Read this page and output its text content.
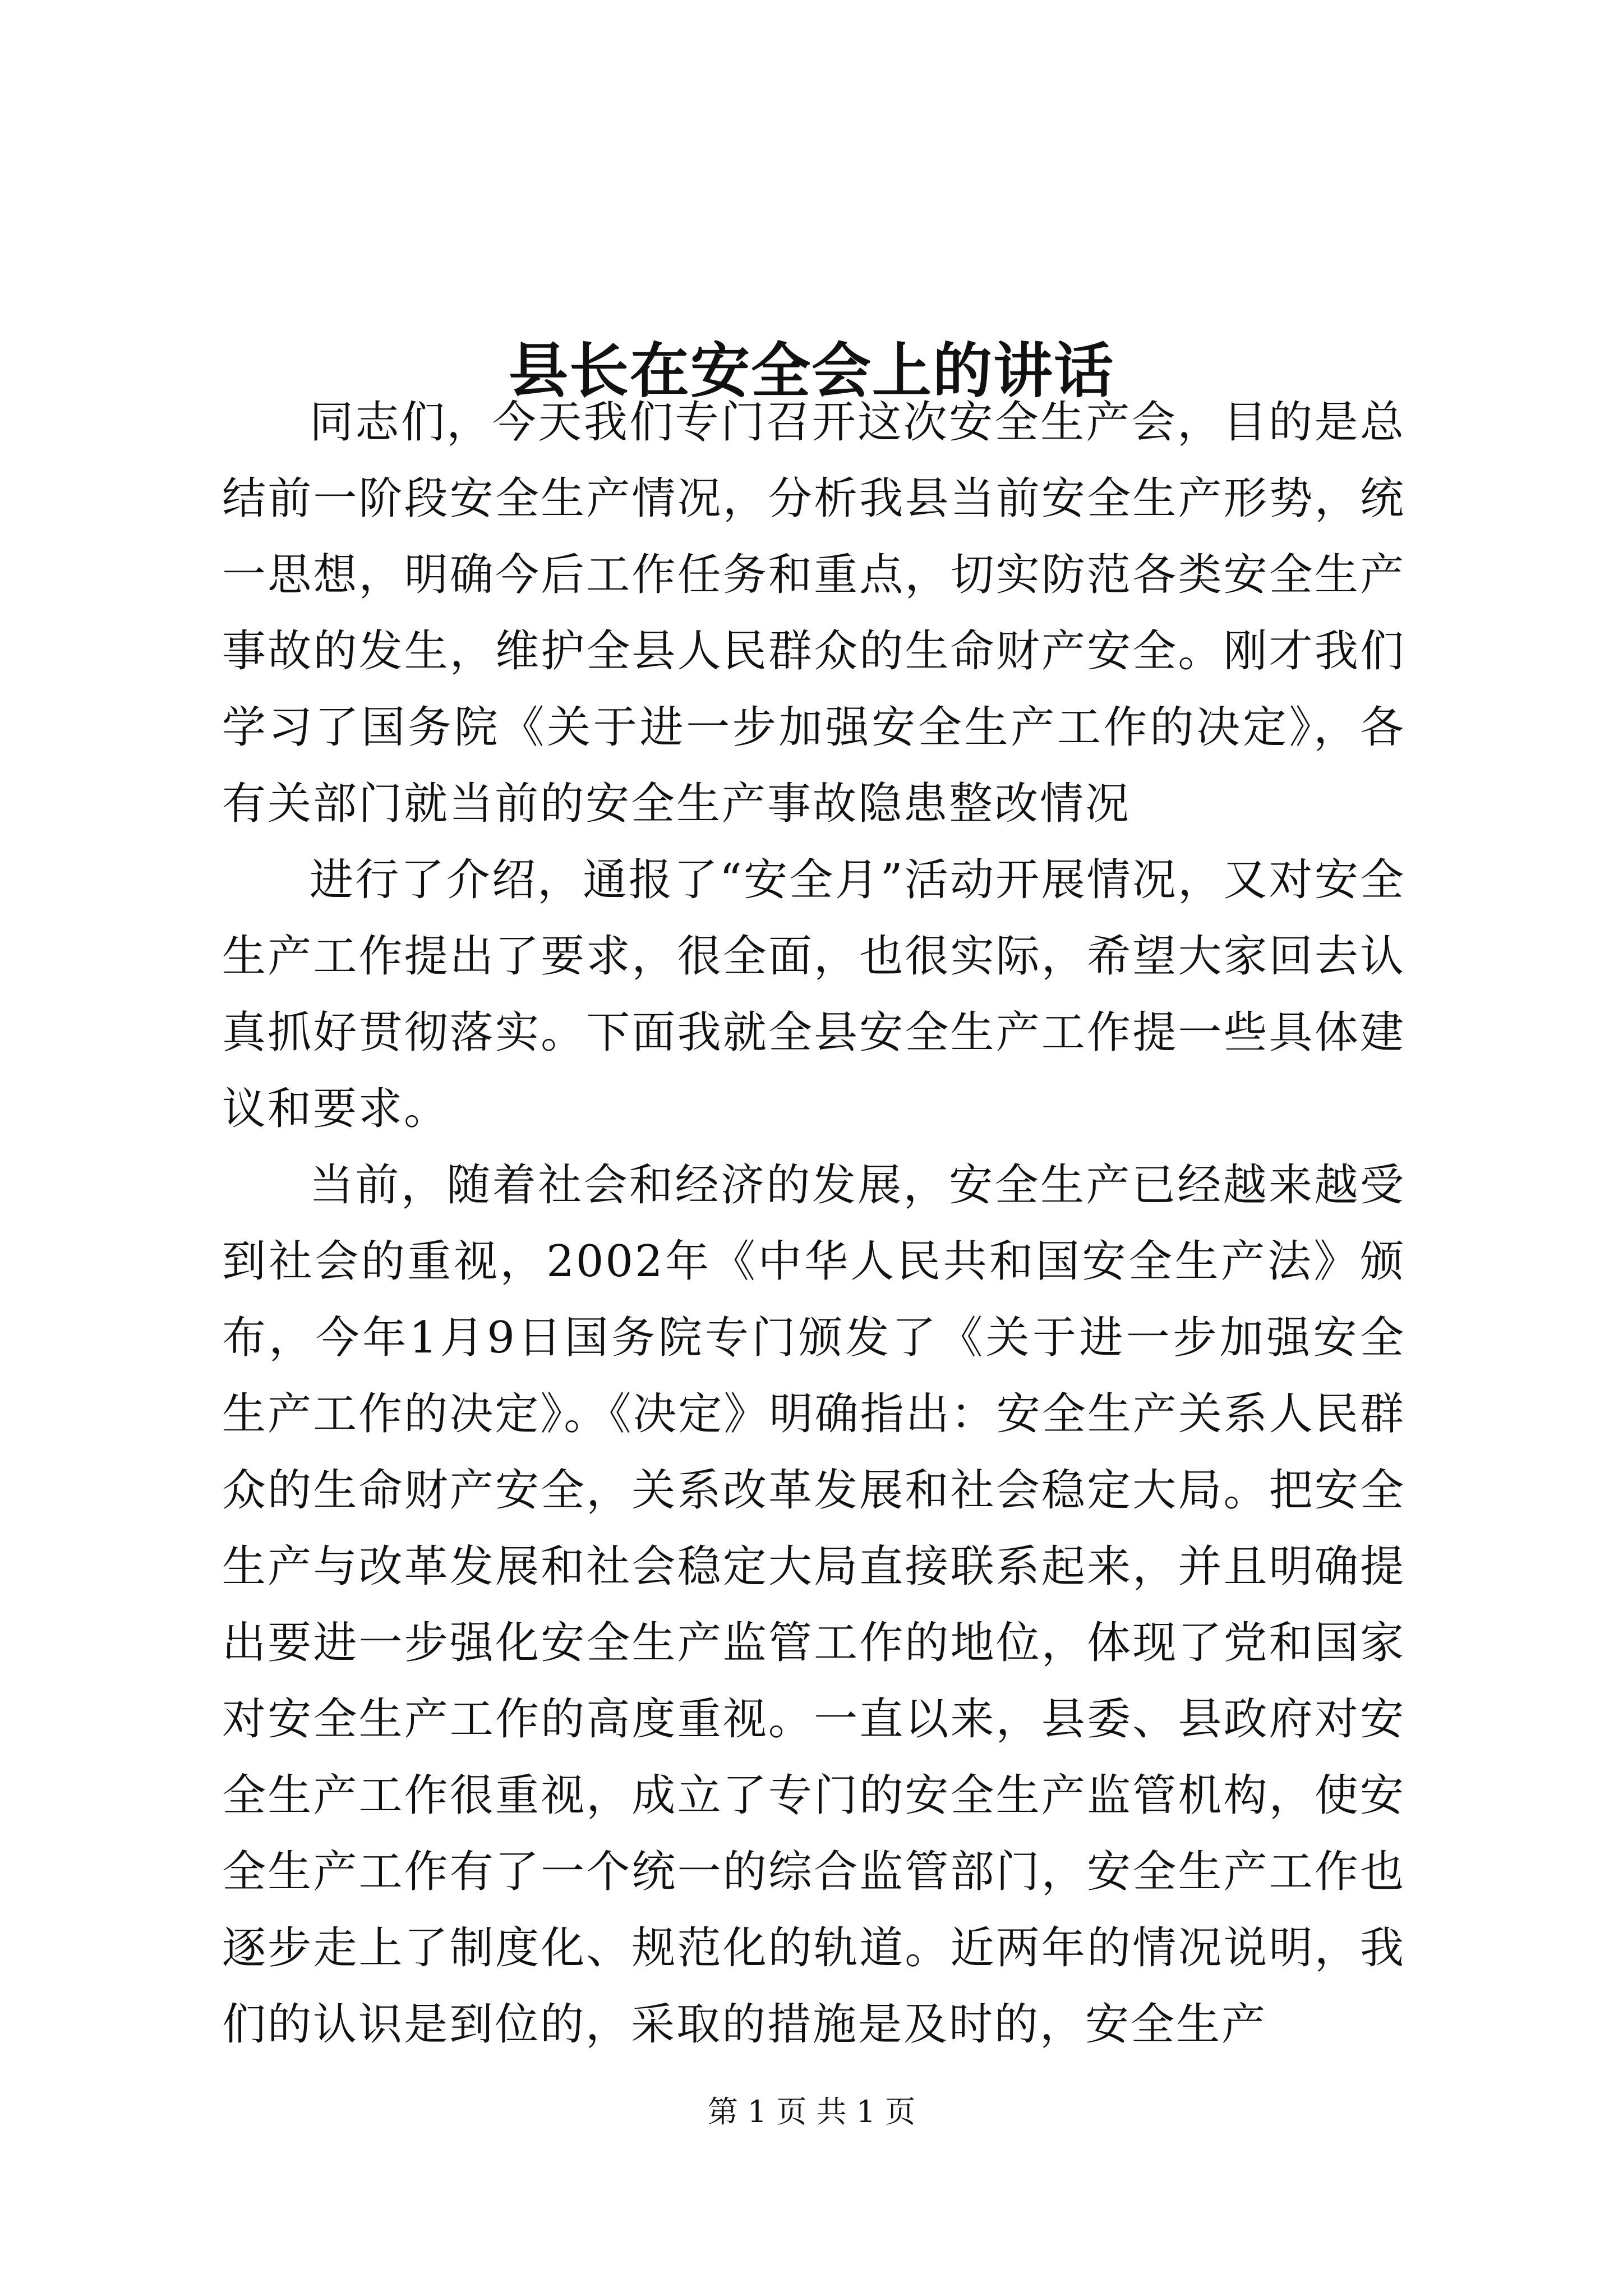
县长在安全会上的讲话

同志们，今天我们专门召开这次安全生产会，目的是总结前一阶段安全生产情况，分析我县当前安全生产形势，统一思想，明确今后工作任务和重点，切实防范各类安全生产事故的发生，维护全县人民群众的生命财产安全。刚才我们学习了国务院《关于进一步加强安全生产工作的决定》，各有关部门就当前的安全生产事故隐患整改情况

进行了介绍，通报了“安全月”活动开展情况，又对安全生产工作提出了要求，很全面，也很实际，希望大家回去认真抓好贯彻落实。下面我就全县安全生产工作提一些具体建议和要求。

当前，随着社会和经济的发展，安全生产已经越来越受到社会的重视，2002年《中华人民共和国安全生产法》颁布，今年1月9日国务院专门颁发了《关于进一步加强安全生产工作的决定》。《决定》明确指出：安全生产关系人民群众的生命财产安全，关系改革发展和社会稳定大局。把安全生产与改革发展和社会稳定大局直接联系起来，并且明确提出要进一步强化安全生产监管工作的地位，体现了党和国家对安全生产工作的高度重视。一直以来，县委、县政府对安全生产工作很重视，成立了专门的安全生产监管机构，使安全生产工作有了一个统一的综合监管部门，安全生产工作也逐步走上了制度化、规范化的轨道。近两年的情况说明，我们的认识是到位的，采取的措施是及时的，安全生产

第 1 页 共 1 页
